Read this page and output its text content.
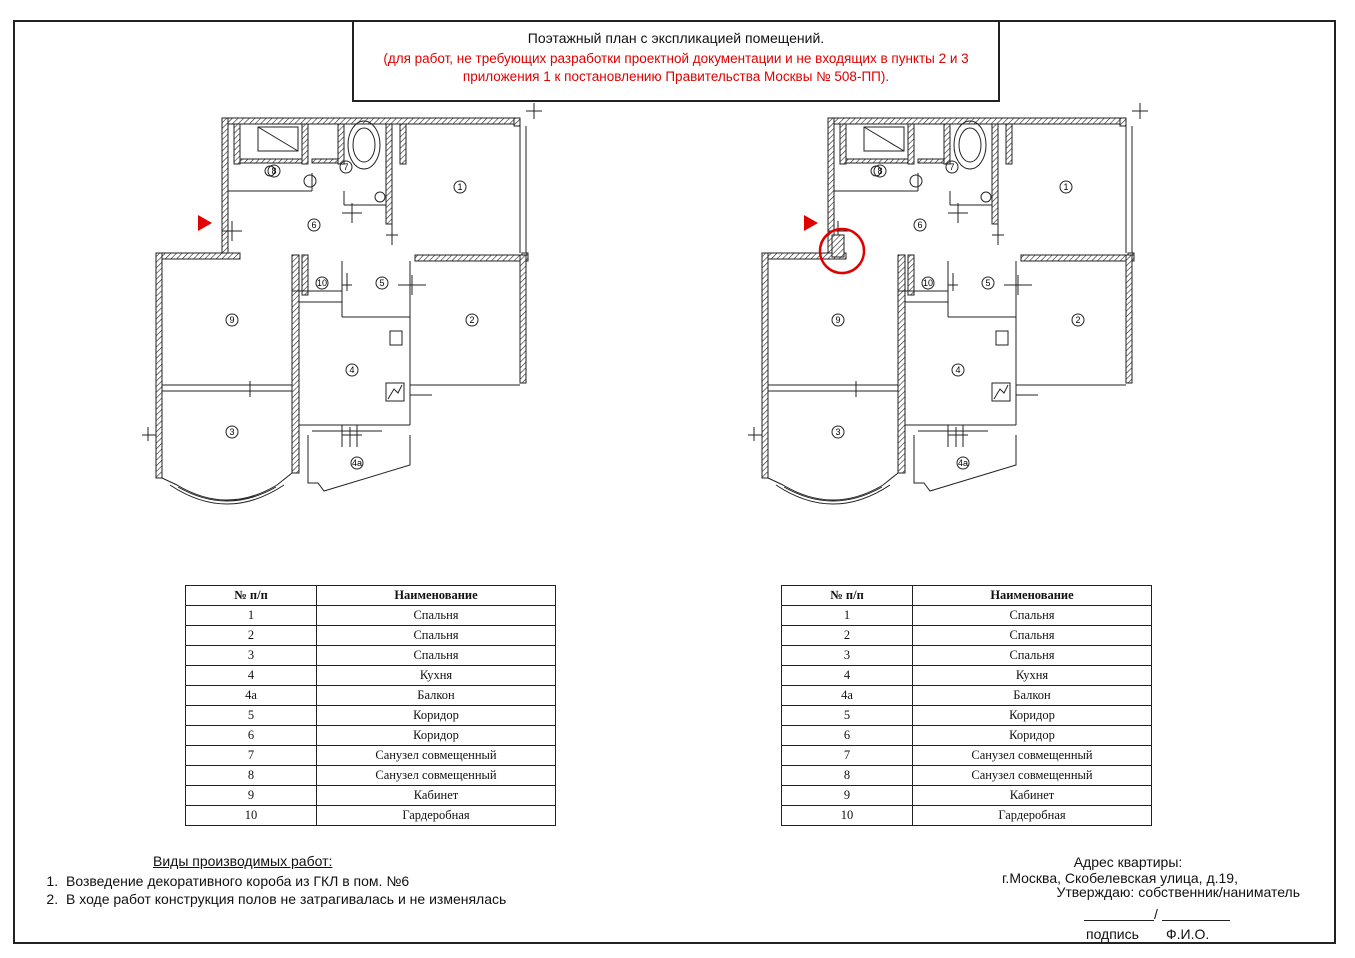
Поэтажный план с экспликацией помещений.
(для работ, не требующих разработки проектной документации и не входящих в пункты 2 и 3 приложения 1 к постановлению Правительства Москвы № 508-ПП).
1
2
3
4
4а
5
6
7
8
9
10
1
2
3
4
4а
5
6
7
8
9
10
№ п/п	Наименование
1	Спальня
2	Спальня
3	Спальня
4	Кухня
4а	Балкон
5	Коридор
6	Коридор
7	Санузел совмещенный
8	Санузел совмещенный
9	Кабинет
10	Гардеробная
№ п/п	Наименование
1	Спальня
2	Спальня
3	Спальня
4	Кухня
4а	Балкон
5	Коридор
6	Коридор
7	Санузел совмещенный
8	Санузел совмещенный
9	Кабинет
10	Гардеробная
Виды производимых работ:
1. Возведение декоративного короба из ГКЛ в пом. №6
2. В ходе работ конструкция полов не затрагивалась и не изменялась
Адрес квартиры:
г.Москва, Скобелевская улица, д.19,
Утверждаю: собственник/наниматель
/
подпись Ф.И.О.
